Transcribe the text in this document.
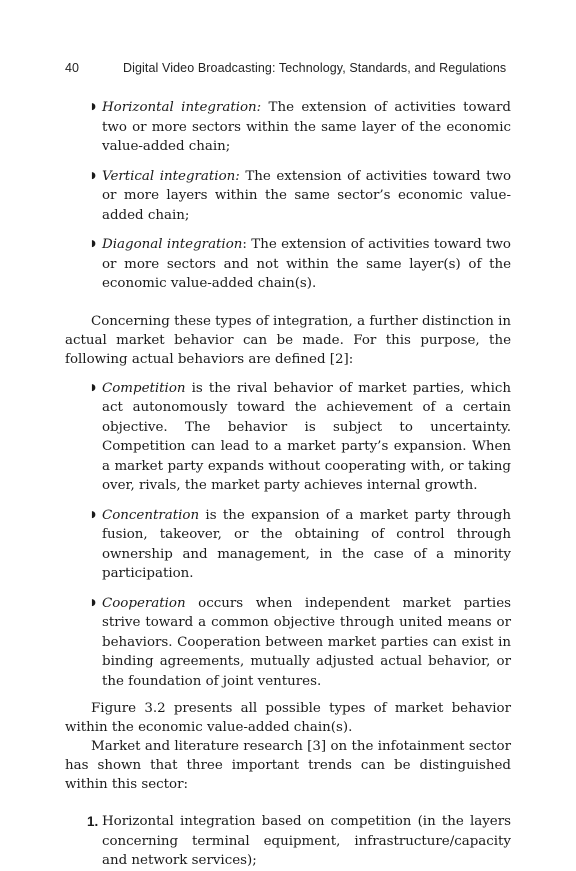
40	Digital Video Broadcasting: Technology, Standards, and Regulations

◗ Horizontal integration: The extension of activities toward two or more sectors within the same layer of the economic value-added chain;

◗ Vertical integration: The extension of activities toward two or more layers within the same sector’s economic value-added chain;

◗ Diagonal integration: The extension of activities toward two or more sectors and not within the same layer(s) of the economic value-added chain(s).

Concerning these types of integration, a further distinction in actual market behavior can be made. For this purpose, the following actual behaviors are defined [2]:

◗ Competition is the rival behavior of market parties, which act autonomously toward the achievement of a certain objective. The behavior is subject to uncertainty. Competition can lead to a market party’s expansion. When a market party expands without cooperating with, or taking over, rivals, the market party achieves internal growth.

◗ Concentration is the expansion of a market party through fusion, takeover, or the obtaining of control through ownership and management, in the case of a minority participation.

◗ Cooperation occurs when independent market parties strive toward a common objective through united means or behaviors. Cooperation between market parties can exist in binding agreements, mutually adjusted actual behavior, or the foundation of joint ventures.

Figure 3.2 presents all possible types of market behavior within the economic value-added chain(s).

Market and literature research [3] on the infotainment sector has shown that three important trends can be distinguished within this sector:

1. Horizontal integration based on competition (in the layers concerning terminal equipment, infrastructure/capacity and network services);
